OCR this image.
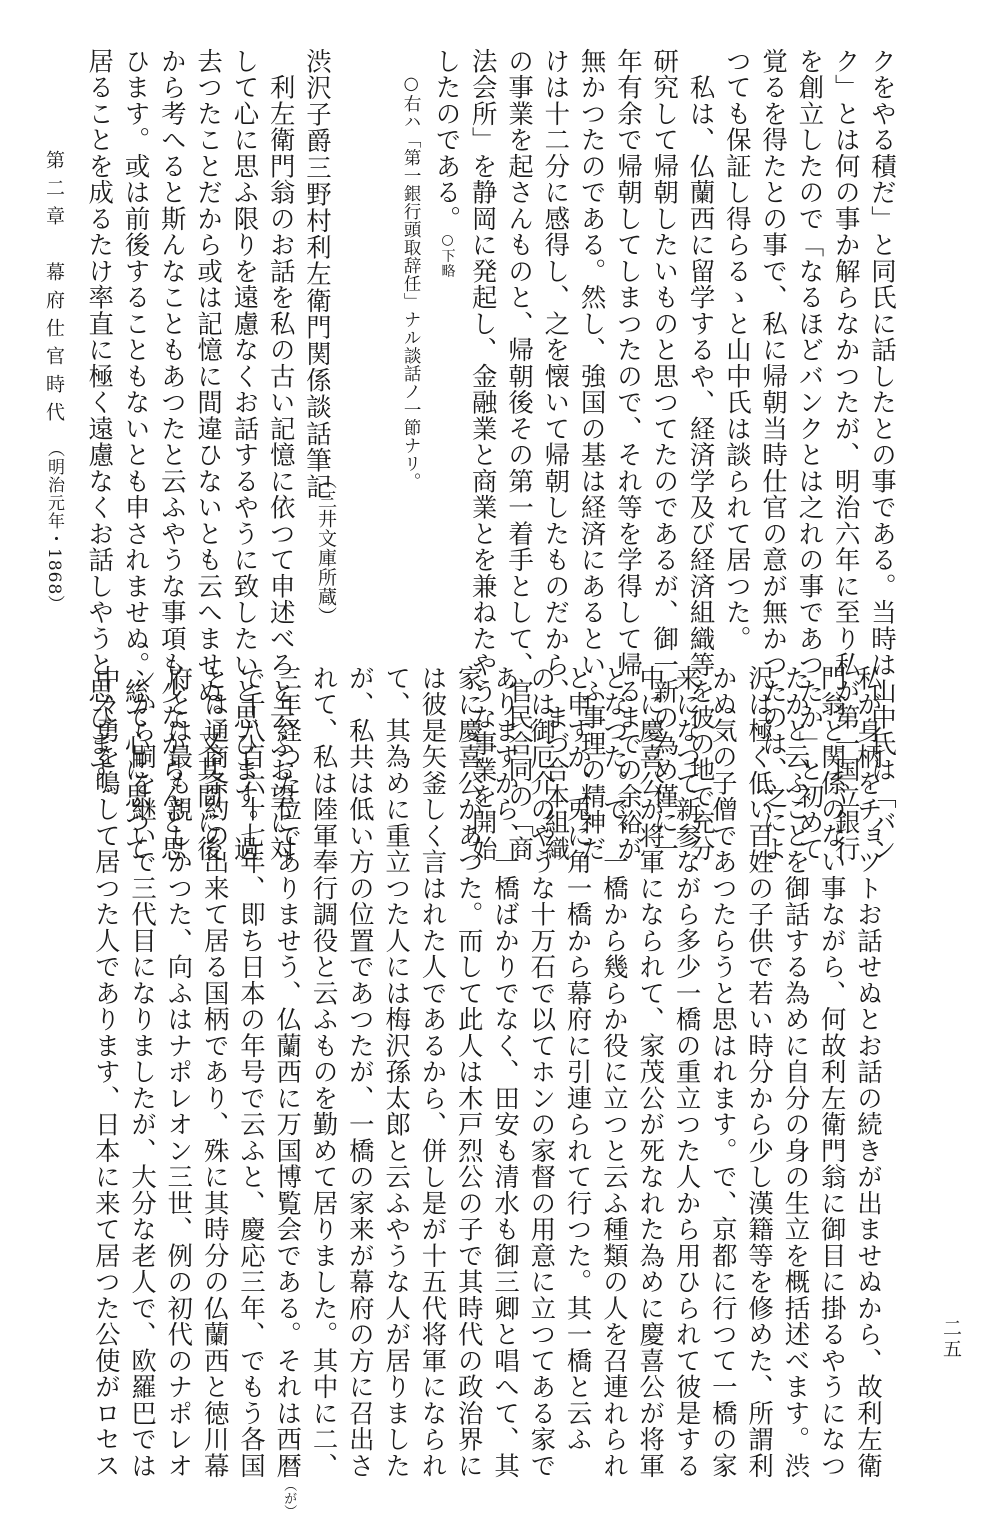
クをやる積だ」と同氏に話したとの事である。当時は山中氏は「バン
ク」とは何の事か解らなかつたが、明治六年に至り私が第一国立銀行
を創立したので「なるほどバンクとは之れの事であつたか」と初めて
覚るを得たとの事で、私に帰朝当時仕官の意が無かつたのは、之によ
つても保証し得らるゝと山中氏は談られて居つた。
　私は、仏蘭西に留学するや、経済学及び経済組織等を彼の地で充分
研究して帰朝したいものと思つてたのであるが、御一新の為め僅に一
年有余で帰朝してしまつたので、それ等を学得して帰るまでの余裕が
無かつたのである。然し、強国の基は経済にあるといふ事理の精神だ
けは十二分に感得し、之を懐いて帰朝したものだから、まづ合本組織
の事業を起さんものと、帰朝後その第一着手として、官民合同の「商
法会所」を静岡に発起し、金融業と商業とを兼ねたやうな事業を開始
したのである。○下略
○右ハ「第一銀行頭取辞任」ナル談話ノ一節ナリ。
私が身柄をチョツトお話せぬとお話の続きが出ませぬから、故利左衛
門翁と関係のない事ながら、何故利左衛門翁に御目に掛るやうになつ
たかと云ふことを御話する為めに自分の身の生立を概括述べます。渋
沢は極く低い百姓の子供で若い時分から少し漢籍等を修めた、所謂利
かぬ気の子僧であつたらうと思はれます。で、京都に行つて一橋の家
来になつて新参ながら多少一橋の重立つた人から用ひられて彼是する
中に慶喜公が将軍になられて、家茂公が死なれた為めに慶喜公が将軍
となつた。で、一橋から幾らか役に立つと云ふ種類の人を召連れられ
と申すか、兎に角一橋から幕府に引連られて行つた。其一橋と云ふ
のは御厄介のやうな十万石で以てホンの家督の用意に立つてある家で
ありますから、一橋ばかりでなく、田安も清水も御三卿と唱へて、其
家に慶喜公があつた。而して此人は木戸烈公の子で其時代の政治界に
は彼是矢釜しく言はれた人であるから、併し是が十五代将軍になられ
て、其為めに重立つた人には梅沢孫太郎と云ふやうな人が居りました
が、私共は低い方の位置であつたが、一橋の家来が幕府の方に召出さ
れて、私は陸軍奉行調役と云ふものを勤めて居りました。其中に二、
三年経つた位でありませう、仏蘭西に万国博覧会である。それは西暦（が）
で千八百六十七年、即ち日本の年号で云ふと、慶応三年、でもう各国
とは通商条約の出来て居る国柄であり、殊に其時分の仏蘭西と徳川幕
府とは最も親しかつた、向ふはナポレオン三世、例の初代のナポレオ
ンから嗣を継いで三代目になりましたが、大分な老人で、欧羅巴では
中々勇を鳴して居つた人であります、日本に来て居つた公使がロセス
渋沢子爵三野村利左衛門関係談話筆記
　利左衛門翁のお話を私の古い記憶に依つて申述べろと云ふお望に対
して心に思ふ限りを遠慮なくお話するやうに致したいと思ひます。過
去つたことだから或は記憶に間違ひないとも云へませぬ。又其間に後
から考へると斯んなこともあつたと云ふやうな事項も少なからんと思
ひます。或は前後することもないとも申されませぬ。総て心に思つて
居ることを成るたけ率直に極く遠慮なくお話しやうと思ひます。	（三井文庫所蔵）
第二章幕府仕官時代（明治元年・1868）
二五
